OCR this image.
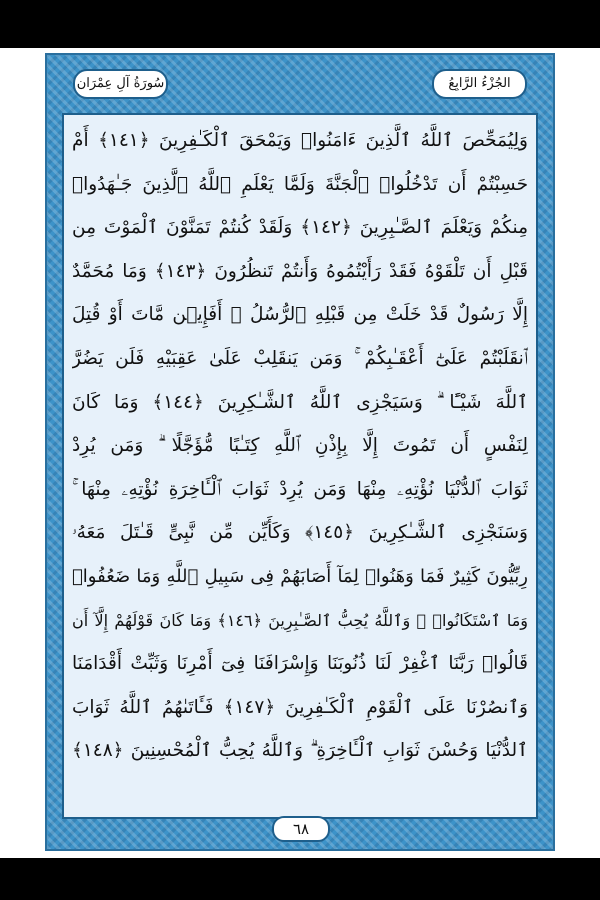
الجُزْءُ الرَّابِعُ
سُورَةُ آلِ عِمْرَان
وَلِيُمَحِّصَ ٱللَّهُ ٱلَّذِينَ ءَامَنُوا۟ وَيَمْحَقَ ٱلْكَـٰفِرِينَ ﴿١٤١﴾ أَمْ
حَسِبْتُمْ أَن تَدْخُلُوا۟ ٱلْجَنَّةَ وَلَمَّا يَعْلَمِ ٱللَّهُ ٱلَّذِينَ جَـٰهَدُوا۟
مِنكُمْ وَيَعْلَمَ ٱلصَّـٰبِرِينَ ﴿١٤٢﴾ وَلَقَدْ كُنتُمْ تَمَنَّوْنَ ٱلْمَوْتَ مِن
قَبْلِ أَن تَلْقَوْهُ فَقَدْ رَأَيْتُمُوهُ وَأَنتُمْ تَنظُرُونَ ﴿١٤٣﴾ وَمَا مُحَمَّدٌ
إِلَّا رَسُولٌ قَدْ خَلَتْ مِن قَبْلِهِ ٱلرُّسُلُ ۚ أَفَإِي۟ن مَّاتَ أَوْ قُتِلَ
ٱنقَلَبْتُمْ عَلَىٰٓ أَعْقَـٰبِكُمْ ۚ وَمَن يَنقَلِبْ عَلَىٰ عَقِبَيْهِ فَلَن يَضُرَّ
ٱللَّهَ شَيْـًٔا ۗ وَسَيَجْزِى ٱللَّهُ ٱلشَّـٰكِرِينَ ﴿١٤٤﴾ وَمَا كَانَ
لِنَفْسٍ أَن تَمُوتَ إِلَّا بِإِذْنِ ٱللَّهِ كِتَـٰبًا مُّؤَجَّلًا ۗ وَمَن يُرِدْ
ثَوَابَ ٱلدُّنْيَا نُؤْتِهِۦ مِنْهَا وَمَن يُرِدْ ثَوَابَ ٱلْـَٔاخِرَةِ نُؤْتِهِۦ مِنْهَا ۚ
وَسَنَجْزِى ٱلشَّـٰكِرِينَ ﴿١٤٥﴾ وَكَأَيِّن مِّن نَّبِىٍّ قَـٰتَلَ مَعَهُۥ
رِبِّيُّونَ كَثِيرٌ فَمَا وَهَنُوا۟ لِمَآ أَصَابَهُمْ فِى سَبِيلِ ٱللَّهِ وَمَا ضَعُفُوا۟
وَمَا ٱسْتَكَانُوا۟ ۗ وَٱللَّهُ يُحِبُّ ٱلصَّـٰبِرِينَ ﴿١٤٦﴾ وَمَا كَانَ قَوْلَهُمْ إِلَّآ أَن
قَالُوا۟ رَبَّنَا ٱغْفِرْ لَنَا ذُنُوبَنَا وَإِسْرَافَنَا فِىٓ أَمْرِنَا وَثَبِّتْ أَقْدَامَنَا
وَٱنصُرْنَا عَلَى ٱلْقَوْمِ ٱلْكَـٰفِرِينَ ﴿١٤٧﴾ فَـَٔاتَىٰهُمُ ٱللَّهُ ثَوَابَ
ٱلدُّنْيَا وَحُسْنَ ثَوَابِ ٱلْـَٔاخِرَةِ ۗ وَٱللَّهُ يُحِبُّ ٱلْمُحْسِنِينَ ﴿١٤٨﴾
٦٨
